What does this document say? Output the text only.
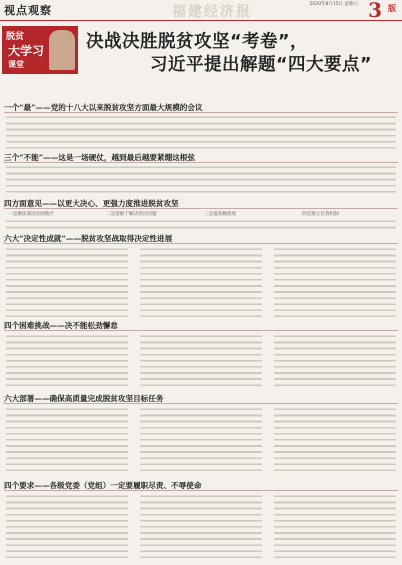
视点观察	福建经济报	2020年8月15日 星期六 3 版
脱贫
大学习
课堂
决战决胜脱贫攻坚“考卷”，
习近平提出解题“四大要点”

一个“最”——党的十八大以来脱贫攻坚方面最大规模的会议
三个“不能”——这是一场硬仗，越到最后越要紧绷这根弦
四方面意见——以更大决心、更强力度推进脱贫攻坚
一是聚焦深度贫困地区	二是着眼于解决突出问题	三是提高精准度	四是建立长效机制
六大“决定性成就”——脱贫攻坚战取得决定性进展
四个困难挑战——决不能松劲懈怠
六大部署——确保高质量完成脱贫攻坚目标任务
四个要求——各级党委（党组）一定要履职尽责、不辱使命
